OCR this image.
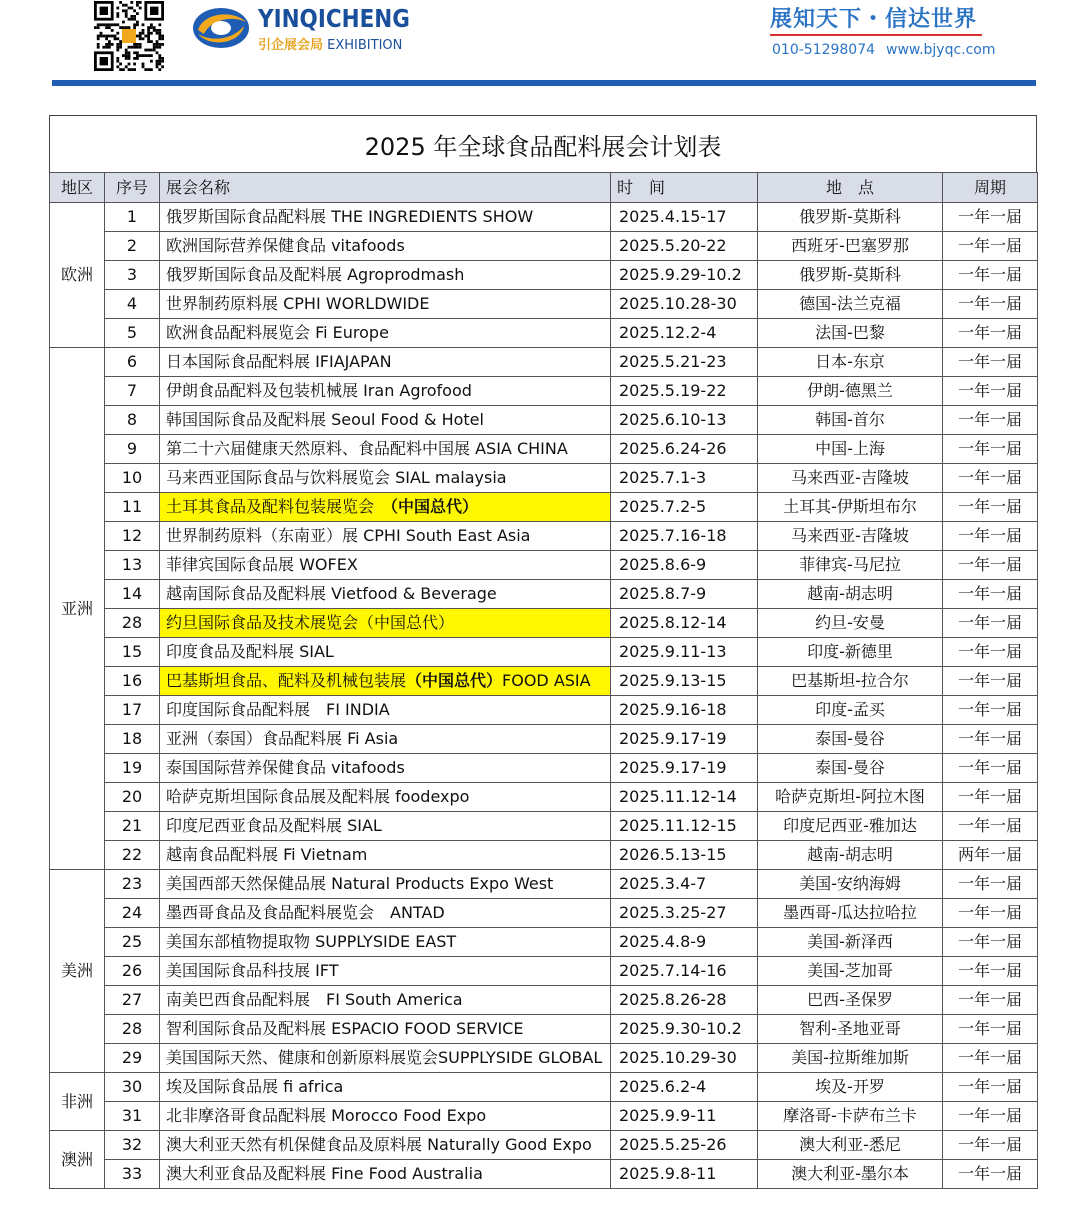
YINQICHENG
引企展会局 EXHIBITION
展知天下・信达世界
010-51298074 www.bjyqc.com
2025 年全球食品配料展会计划表
地区	序号	展会名称	时　间	地　点	周期
欧洲	1	俄罗斯国际食品配料展 THE INGREDIENTS SHOW	2025.4.15-17	俄罗斯-莫斯科	一年一届
	2	欧洲国际营养保健食品 vitafoods	2025.5.20-22	西班牙-巴塞罗那	一年一届
	3	俄罗斯国际食品及配料展 Agroprodmash	2025.9.29-10.2	俄罗斯-莫斯科	一年一届
	4	世界制药原料展 CPHI WORLDWIDE	2025.10.28-30	德国-法兰克福	一年一届
	5	欧洲食品配料展览会 Fi Europe	2025.12.2-4	法国-巴黎	一年一届
亚洲	6	日本国际食品配料展 IFIAJAPAN	2025.5.21-23	日本-东京	一年一届
	7	伊朗食品配料及包装机械展 Iran Agrofood	2025.5.19-22	伊朗-德黑兰	一年一届
	8	韩国国际食品及配料展 Seoul Food & Hotel	2025.6.10-13	韩国-首尔	一年一届
	9	第二十六届健康天然原料、食品配料中国展 ASIA CHINA	2025.6.24-26	中国-上海	一年一届
	10	马来西亚国际食品与饮料展览会 SIAL malaysia	2025.7.1-3	马来西亚-吉隆坡	一年一届
	11	土耳其食品及配料包装展览会　（中国总代）	2025.7.2-5	土耳其-伊斯坦布尔	一年一届
	12	世界制药原料（东南亚）展 CPHI South East Asia	2025.7.16-18	马来西亚-吉隆坡	一年一届
	13	菲律宾国际食品展 WOFEX	2025.8.6-9	菲律宾-马尼拉	一年一届
	14	越南国际食品及配料展 Vietfood & Beverage	2025.8.7-9	越南-胡志明	一年一届
	28	约旦国际食品及技术展览会（中国总代）	2025.8.12-14	约旦-安曼	一年一届
	15	印度食品及配料展 SIAL	2025.9.11-13	印度-新德里	一年一届
	16	巴基斯坦食品、配料及机械包装展（中国总代）FOOD ASIA	2025.9.13-15	巴基斯坦-拉合尔	一年一届
	17	印度国际食品配料展　FI INDIA	2025.9.16-18	印度-孟买	一年一届
	18	亚洲（泰国）食品配料展 Fi Asia	2025.9.17-19	泰国-曼谷	一年一届
	19	泰国国际营养保健食品 vitafoods	2025.9.17-19	泰国-曼谷	一年一届
	20	哈萨克斯坦国际食品展及配料展 foodexpo	2025.11.12-14	哈萨克斯坦-阿拉木图	一年一届
	21	印度尼西亚食品及配料展 SIAL	2025.11.12-15	印度尼西亚-雅加达	一年一届
	22	越南食品配料展 Fi Vietnam	2026.5.13-15	越南-胡志明	两年一届
美洲	23	美国西部天然保健品展 Natural Products Expo West	2025.3.4-7	美国-安纳海姆	一年一届
	24	墨西哥食品及食品配料展览会　ANTAD	2025.3.25-27	墨西哥-瓜达拉哈拉	一年一届
	25	美国东部植物提取物 SUPPLYSIDE EAST	2025.4.8-9	美国-新泽西	一年一届
	26	美国国际食品科技展 IFT	2025.7.14-16	美国-芝加哥	一年一届
	27	南美巴西食品配料展　FI South America	2025.8.26-28	巴西-圣保罗	一年一届
	28	智利国际食品及配料展 ESPACIO FOOD SERVICE	2025.9.30-10.2	智利-圣地亚哥	一年一届
	29	美国国际天然、健康和创新原料展览会SUPPLYSIDE GLOBAL	2025.10.29-30	美国-拉斯维加斯	一年一届
非洲	30	埃及国际食品展 fi africa	2025.6.2-4	埃及-开罗	一年一届
	31	北非摩洛哥食品配料展 Morocco Food Expo	2025.9.9-11	摩洛哥-卡萨布兰卡	一年一届
澳洲	32	澳大利亚天然有机保健食品及原料展 Naturally Good Expo	2025.5.25-26	澳大利亚-悉尼	一年一届
	33	澳大利亚食品及配料展 Fine Food Australia	2025.9.8-11	澳大利亚-墨尔本	一年一届
